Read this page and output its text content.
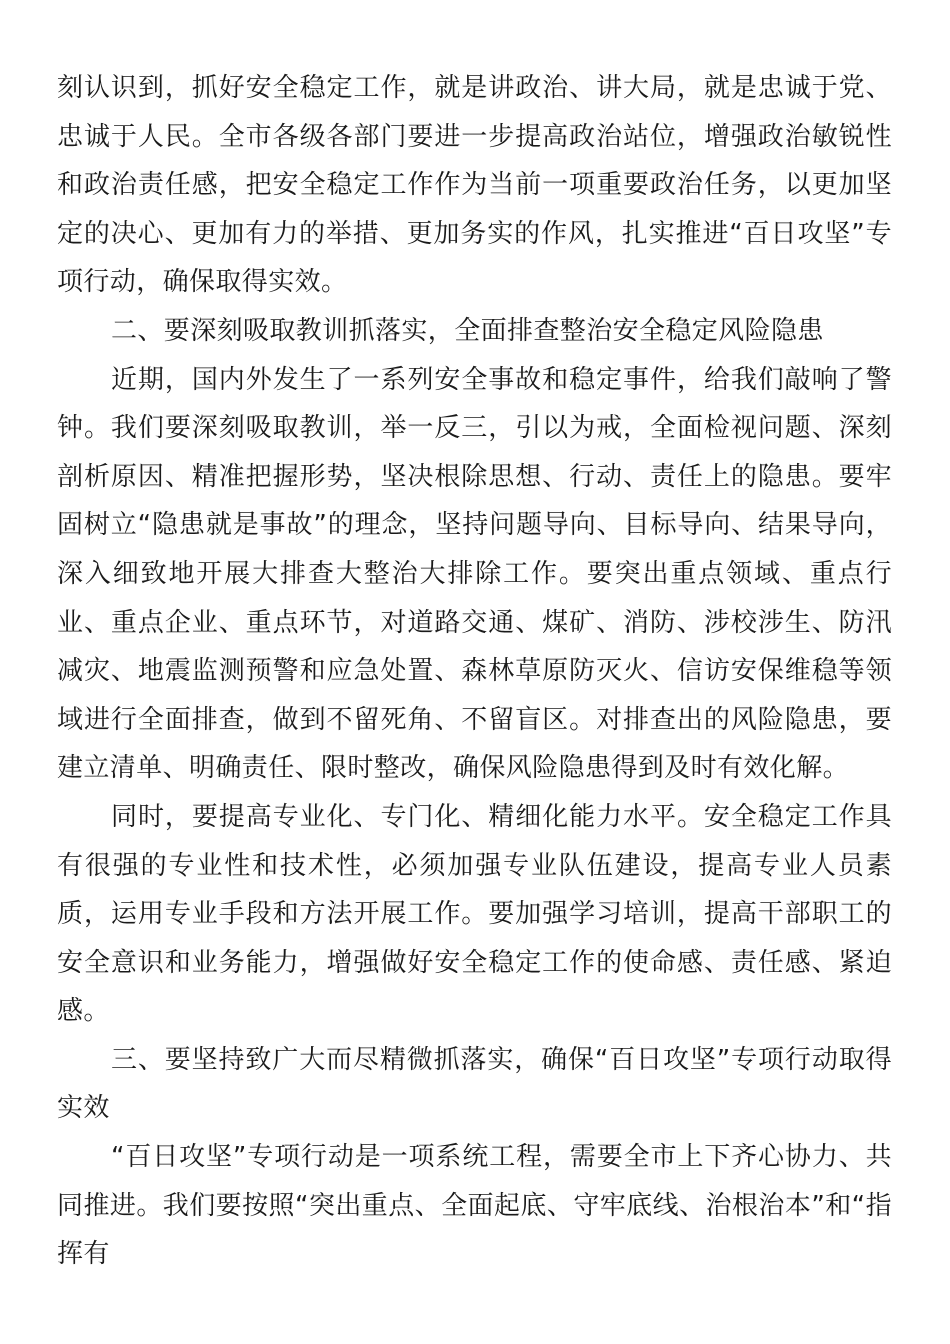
刻认识到，抓好安全稳定工作，就是讲政治、讲大局，就是忠诚于党、忠诚于人民。全市各级各部门要进一步提高政治站位，增强政治敏锐性和政治责任感，把安全稳定工作作为当前一项重要政治任务，以更加坚定的决心、更加有力的举措、更加务实的作风，扎实推进“百日攻坚”专项行动，确保取得实效。

二、要深刻吸取教训抓落实，全面排查整治安全稳定风险隐患

近期，国内外发生了一系列安全事故和稳定事件，给我们敲响了警钟。我们要深刻吸取教训，举一反三，引以为戒，全面检视问题、深刻剖析原因、精准把握形势，坚决根除思想、行动、责任上的隐患。要牢固树立“隐患就是事故”的理念，坚持问题导向、目标导向、结果导向，深入细致地开展大排查大整治大排除工作。要突出重点领域、重点行业、重点企业、重点环节，对道路交通、煤矿、消防、涉校涉生、防汛减灾、地震监测预警和应急处置、森林草原防灭火、信访安保维稳等领域进行全面排查，做到不留死角、不留盲区。对排查出的风险隐患，要建立清单、明确责任、限时整改，确保风险隐患得到及时有效化解。

同时，要提高专业化、专门化、精细化能力水平。安全稳定工作具有很强的专业性和技术性，必须加强专业队伍建设，提高专业人员素质，运用专业手段和方法开展工作。要加强学习培训，提高干部职工的安全意识和业务能力，增强做好安全稳定工作的使命感、责任感、紧迫感。

三、要坚持致广大而尽精微抓落实，确保“百日攻坚”专项行动取得实效

“百日攻坚”专项行动是一项系统工程，需要全市上下齐心协力、共同推进。我们要按照“突出重点、全面起底、守牢底线、治根治本”和“指挥有
